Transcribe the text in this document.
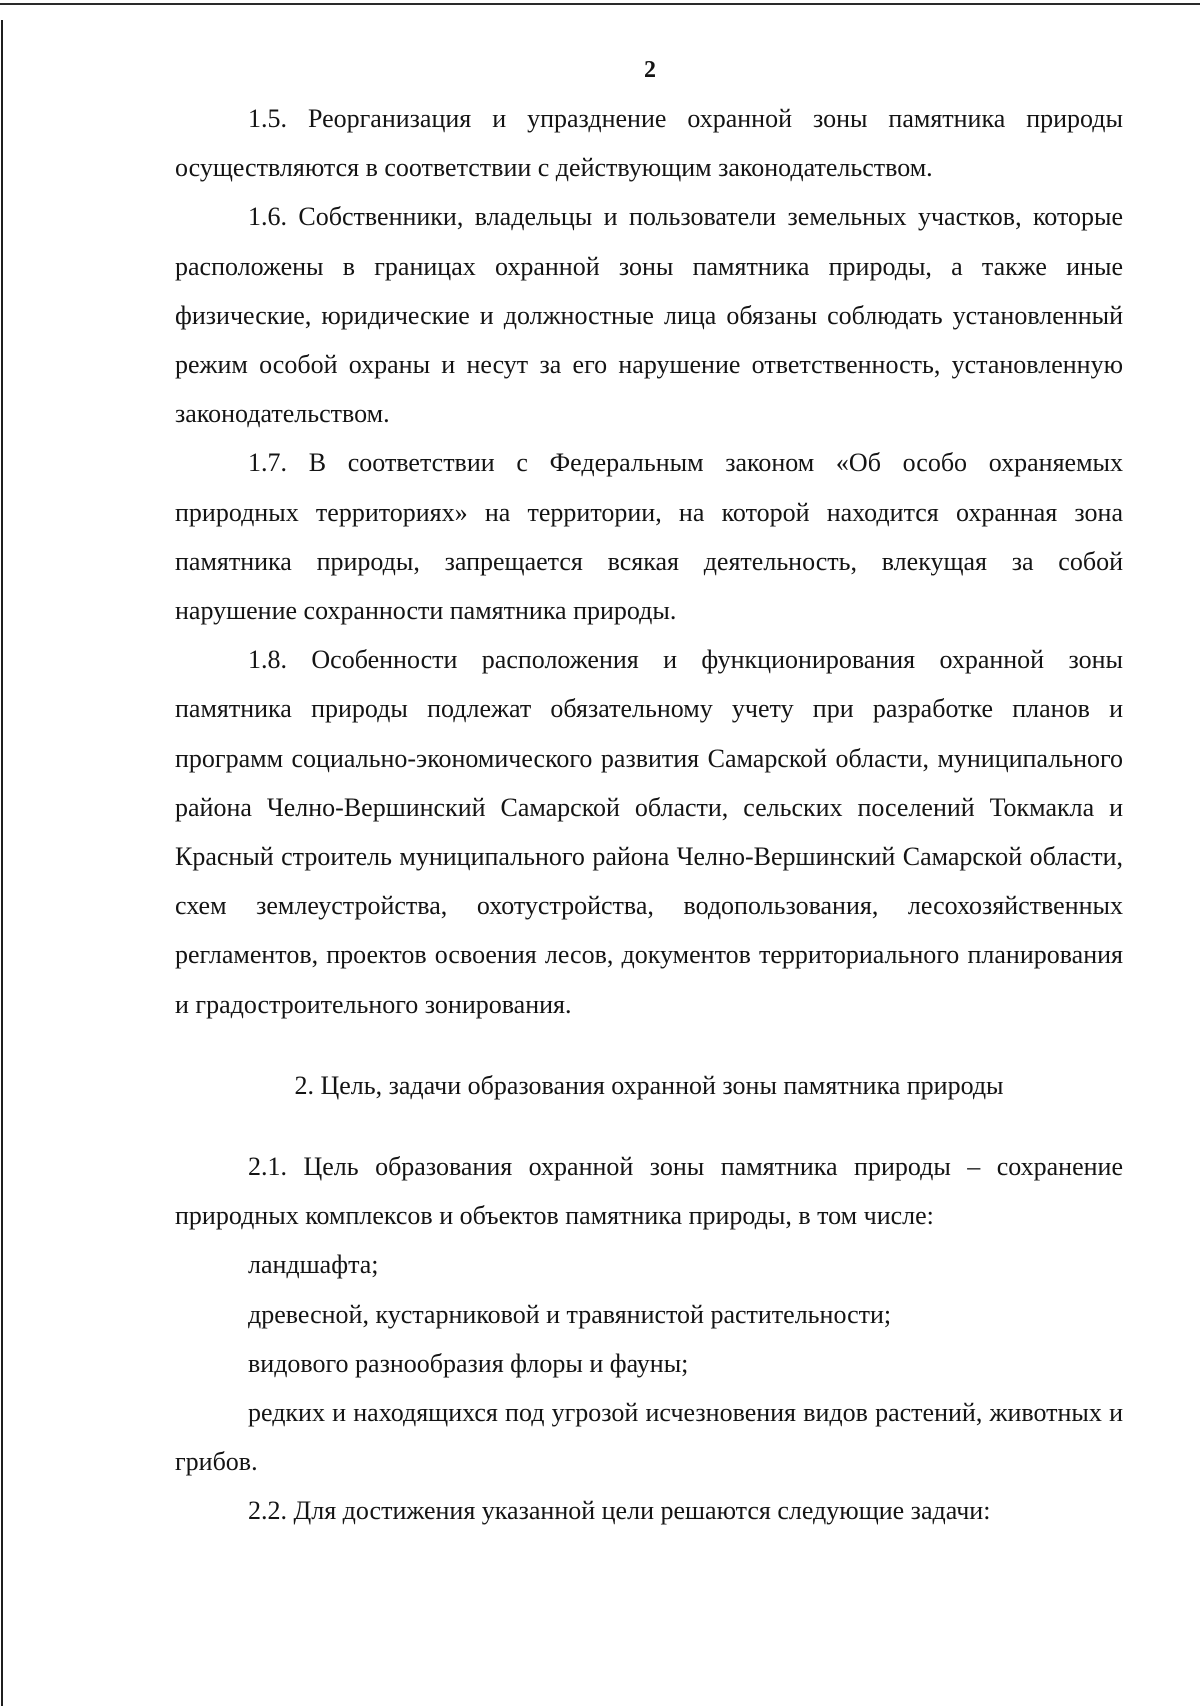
2

1.5. Реорганизация и упразднение охранной зоны памятника природы осуществляются в соответствии с действующим законодательством.

1.6. Собственники, владельцы и пользователи земельных участков, которые расположены в границах охранной зоны памятника природы, а также иные физические, юридические и должностные лица обязаны соблюдать установленный режим особой охраны и несут за его нарушение ответственность, установленную законодательством.

1.7. В соответствии с Федеральным законом «Об особо охраняемых природных территориях» на территории, на которой находится охранная зона памятника природы, запрещается всякая деятельность, влекущая за собой нарушение сохранности памятника природы.

1.8. Особенности расположения и функционирования охранной зоны памятника природы подлежат обязательному учету при разработке планов и программ социально-экономического развития Самарской области, муниципального района Челно-Вершинский Самарской области, сельских поселений Токмакла и Красный строитель муниципального района Челно-Вершинский Самарской области, схем землеустройства, охотустройства, водопользования, лесохозяйственных регламентов, проектов освоения лесов, документов территориального планирования и градостроительного зонирования.

2. Цель, задачи образования охранной зоны памятника природы

2.1. Цель образования охранной зоны памятника природы – сохранение природных комплексов и объектов памятника природы, в том числе:

ландшафта;

древесной, кустарниковой и травянистой растительности;

видового разнообразия флоры и фауны;

редких и находящихся под угрозой исчезновения видов растений, животных и грибов.

2.2. Для достижения указанной цели решаются следующие задачи:
